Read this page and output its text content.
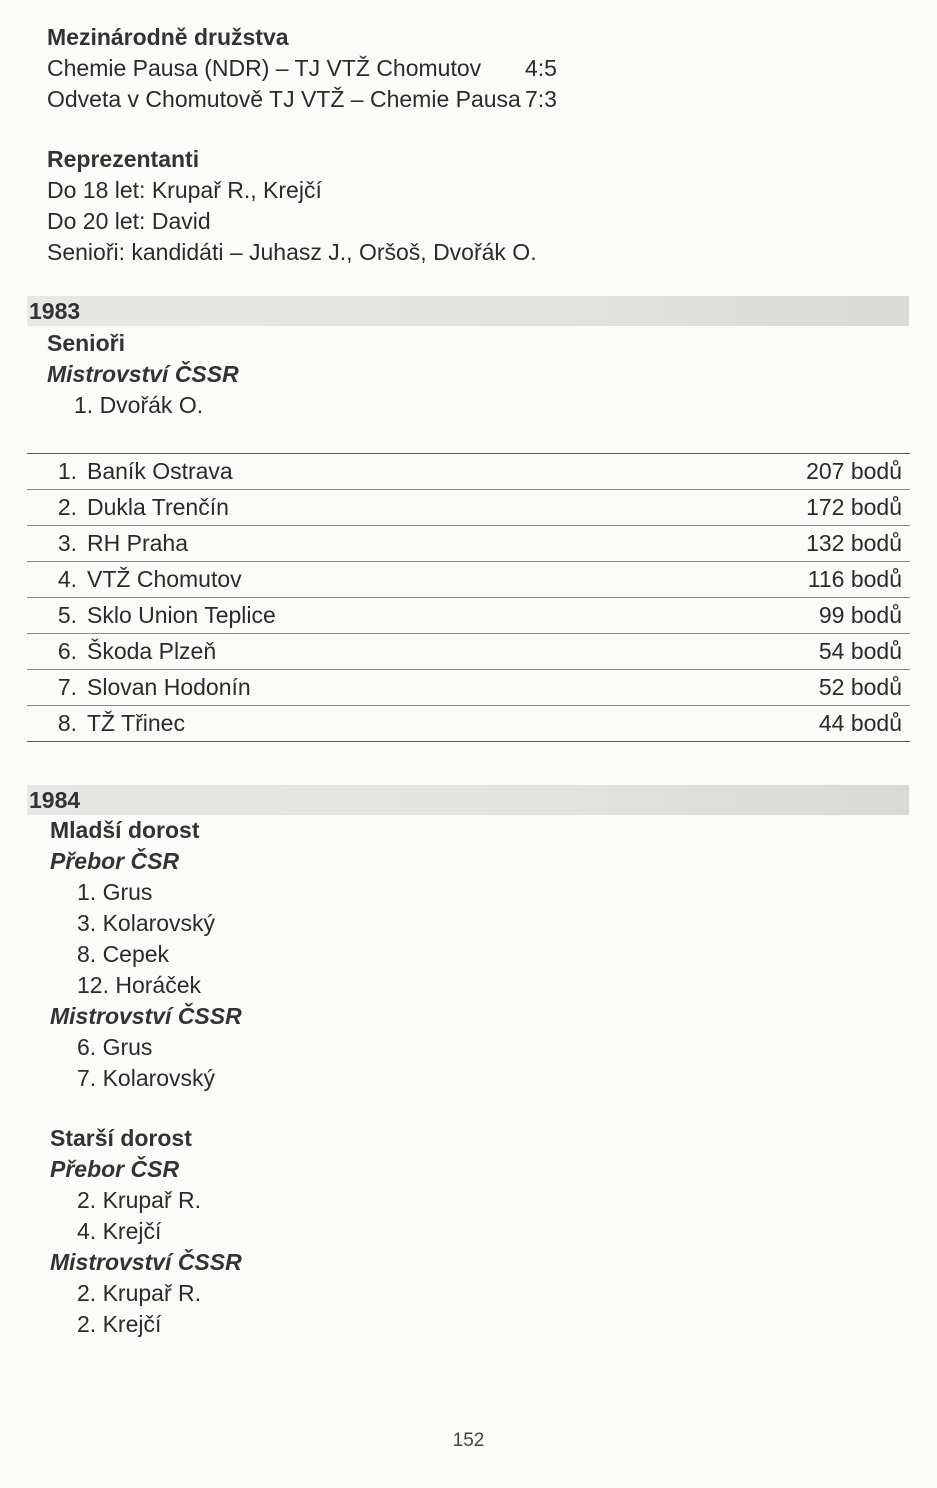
Mezinárodně družstva
Chemie Pausa (NDR) – TJ VTŽ Chomutov	4:5
Odveta v Chomutově TJ VTŽ – Chemie Pausa 7:3
Reprezentanti
Do 18 let: Krupař R., Krejčí
Do 20 let: David
Senioři: kandidáti – Juhasz J., Oršoš, Dvořák O.
1983
Senioři
Mistrovství ČSSR
1. Dvořák O.
1. Baník Ostrava	207 bodů
2. Dukla Trenčín	172 bodů
3. RH Praha	132 bodů
4. VTŽ Chomutov	116 bodů
5. Sklo Union Teplice	99 bodů
6. Škoda Plzeň	54 bodů
7. Slovan Hodonín	52 bodů
8. TŽ Třinec	44 bodů
1984
Mladší dorost
Přebor ČSR
1. Grus
3. Kolarovský
8. Cepek
12. Horáček
Mistrovství ČSSR
6. Grus
7. Kolarovský
Starší dorost
Přebor ČSR
2. Krupař R.
4. Krejčí
Mistrovství ČSSR
2. Krupař R.
2. Krejčí
152
